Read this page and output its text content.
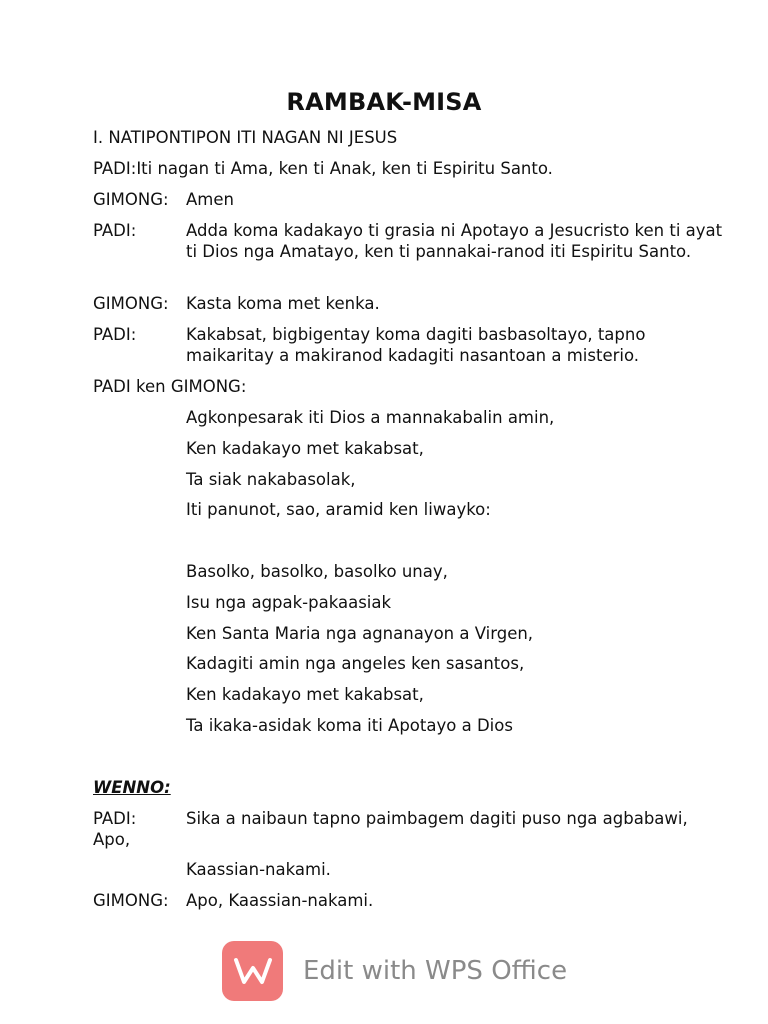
RAMBAK-MISA
I. NATIPONTIPON ITI NAGAN NI JESUS
PADI:Iti nagan ti Ama, ken ti Anak, ken ti Espiritu Santo.
GIMONG: Amen
PADI:	Adda koma kadakayo ti grasia ni Apotayo a Jesucristo ken ti ayat ti Dios nga Amatayo, ken ti pannakai-ranod iti Espiritu Santo.
GIMONG: Kasta koma met kenka.
PADI:	Kakabsat, bigbigentay koma dagiti basbasoltayo, tapno maikaritay a makiranod kadagiti nasantoan a misterio.
PADI ken GIMONG:
Agkonpesarak iti Dios a mannakabalin amin,
Ken kadakayo met kakabsat,
Ta siak nakabasolak,
Iti panunot, sao, aramid ken liwayko:
Basolko, basolko, basolko unay,
Isu nga agpak-pakaasiak
Ken Santa Maria nga agnanayon a Virgen,
Kadagiti amin nga angeles ken sasantos,
Ken kadakayo met kakabsat,
Ta ikaka-asidak koma iti Apotayo a Dios
WENNO:
PADI:	Sika a naibaun tapno paimbagem dagiti puso nga agbabawi,
Apo,
Kaassian-nakami.
GIMONG: Apo, Kaassian-nakami.
Edit with WPS Office
